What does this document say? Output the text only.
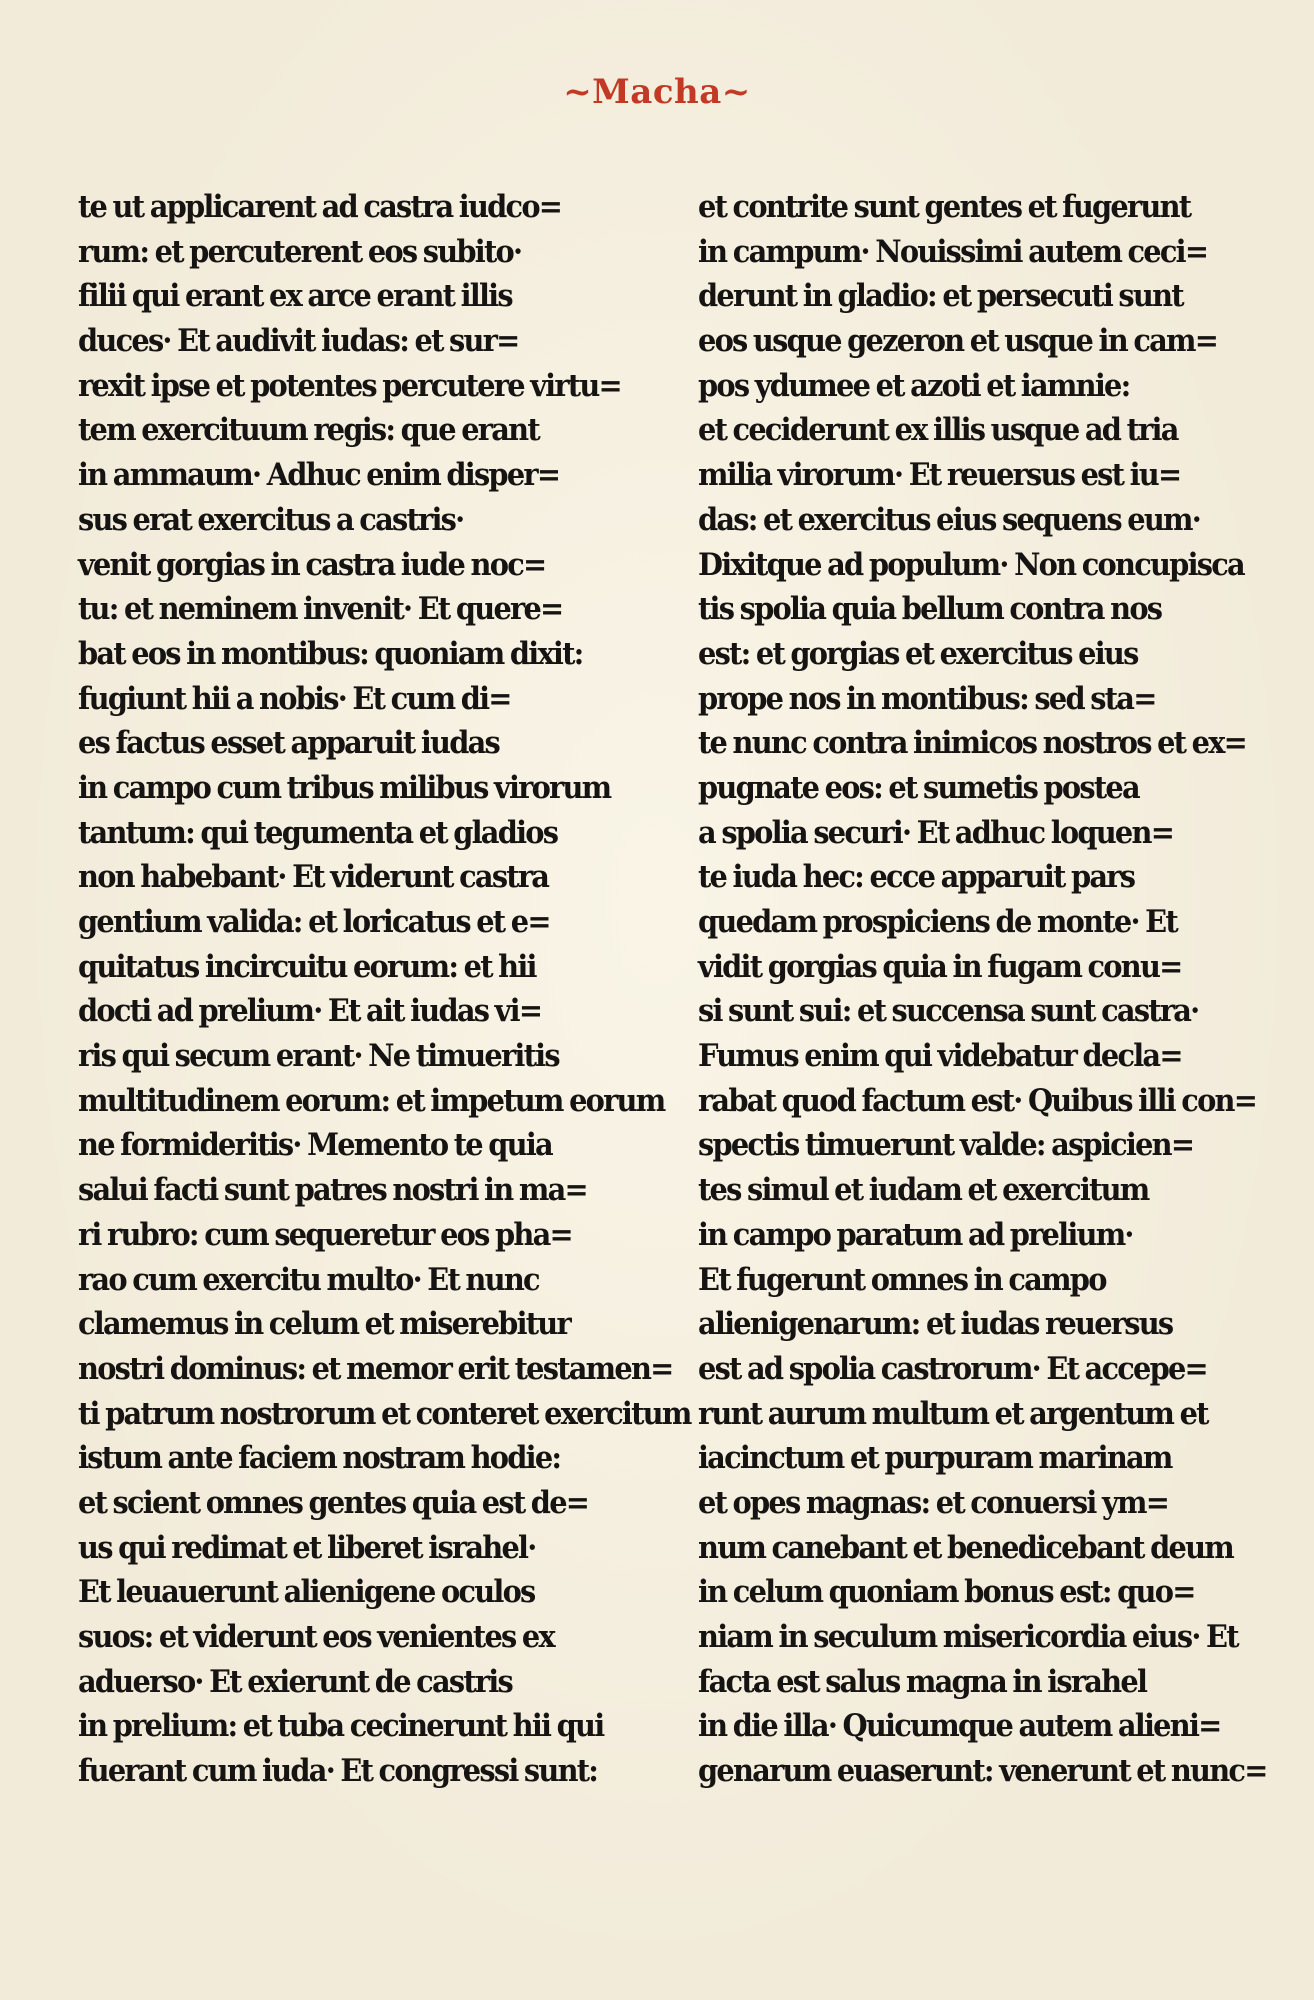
~Macha~
te ut applicarent ad castra iudco=
rum: et percuterent eos subito·
filii qui erant ex arce erant illis
duces· Et audivit iudas: et sur=
rexit ipse et potentes percutere virtu=
tem exercituum regis: que erant
in ammaum· Adhuc enim disper=
sus erat exercitus a castris·
venit gorgias in castra iude noc=
tu: et neminem invenit· Et quere=
bat eos in montibus: quoniam dixit:
fugiunt hii a nobis· Et cum di=
es factus esset apparuit iudas
in campo cum tribus milibus virorum
tantum: qui tegumenta et gladios
non habebant· Et viderunt castra
gentium valida: et loricatus et e=
quitatus incircuitu eorum: et hii
docti ad prelium· Et ait iudas vi=
ris qui secum erant· Ne timueritis
multitudinem eorum: et impetum eorum
ne formideritis· Memento te quia
salui facti sunt patres nostri in ma=
ri rubro: cum sequeretur eos pha=
rao cum exercitu multo· Et nunc
clamemus in celum et miserebitur
nostri dominus: et memor erit testamen=
ti patrum nostrorum et conteret exercitum
istum ante faciem nostram hodie:
et scient omnes gentes quia est de=
us qui redimat et liberet israhel·
Et leuauerunt alienigene oculos
suos: et viderunt eos venientes ex
aduerso· Et exierunt de castris
in prelium: et tuba cecinerunt hii qui
fuerant cum iuda· Et congressi sunt:
et contrite sunt gentes et fugerunt
in campum· Nouissimi autem ceci=
derunt in gladio: et persecuti sunt
eos usque gezeron et usque in cam=
pos ydumee et azoti et iamnie:
et ceciderunt ex illis usque ad tria
milia virorum· Et reuersus est iu=
das: et exercitus eius sequens eum·
Dixitque ad populum· Non concupisca
tis spolia quia bellum contra nos
est: et gorgias et exercitus eius
prope nos in montibus: sed sta=
te nunc contra inimicos nostros et ex=
pugnate eos: et sumetis postea
a spolia securi· Et adhuc loquen=
te iuda hec: ecce apparuit pars
quedam prospiciens de monte· Et
vidit gorgias quia in fugam conu=
si sunt sui: et succensa sunt castra·
Fumus enim qui videbatur decla=
rabat quod factum est· Quibus illi con=
spectis timuerunt valde: aspicien=
tes simul et iudam et exercitum
in campo paratum ad prelium·
Et fugerunt omnes in campo
alienigenarum: et iudas reuersus
est ad spolia castrorum· Et accepe=
runt aurum multum et argentum et
iacinctum et purpuram marinam
et opes magnas: et conuersi ym=
num canebant et benedicebant deum
in celum quoniam bonus est: quo=
niam in seculum misericordia eius· Et
facta est salus magna in israhel
in die illa· Quicumque autem alieni=
genarum euaserunt: venerunt et nunc=
